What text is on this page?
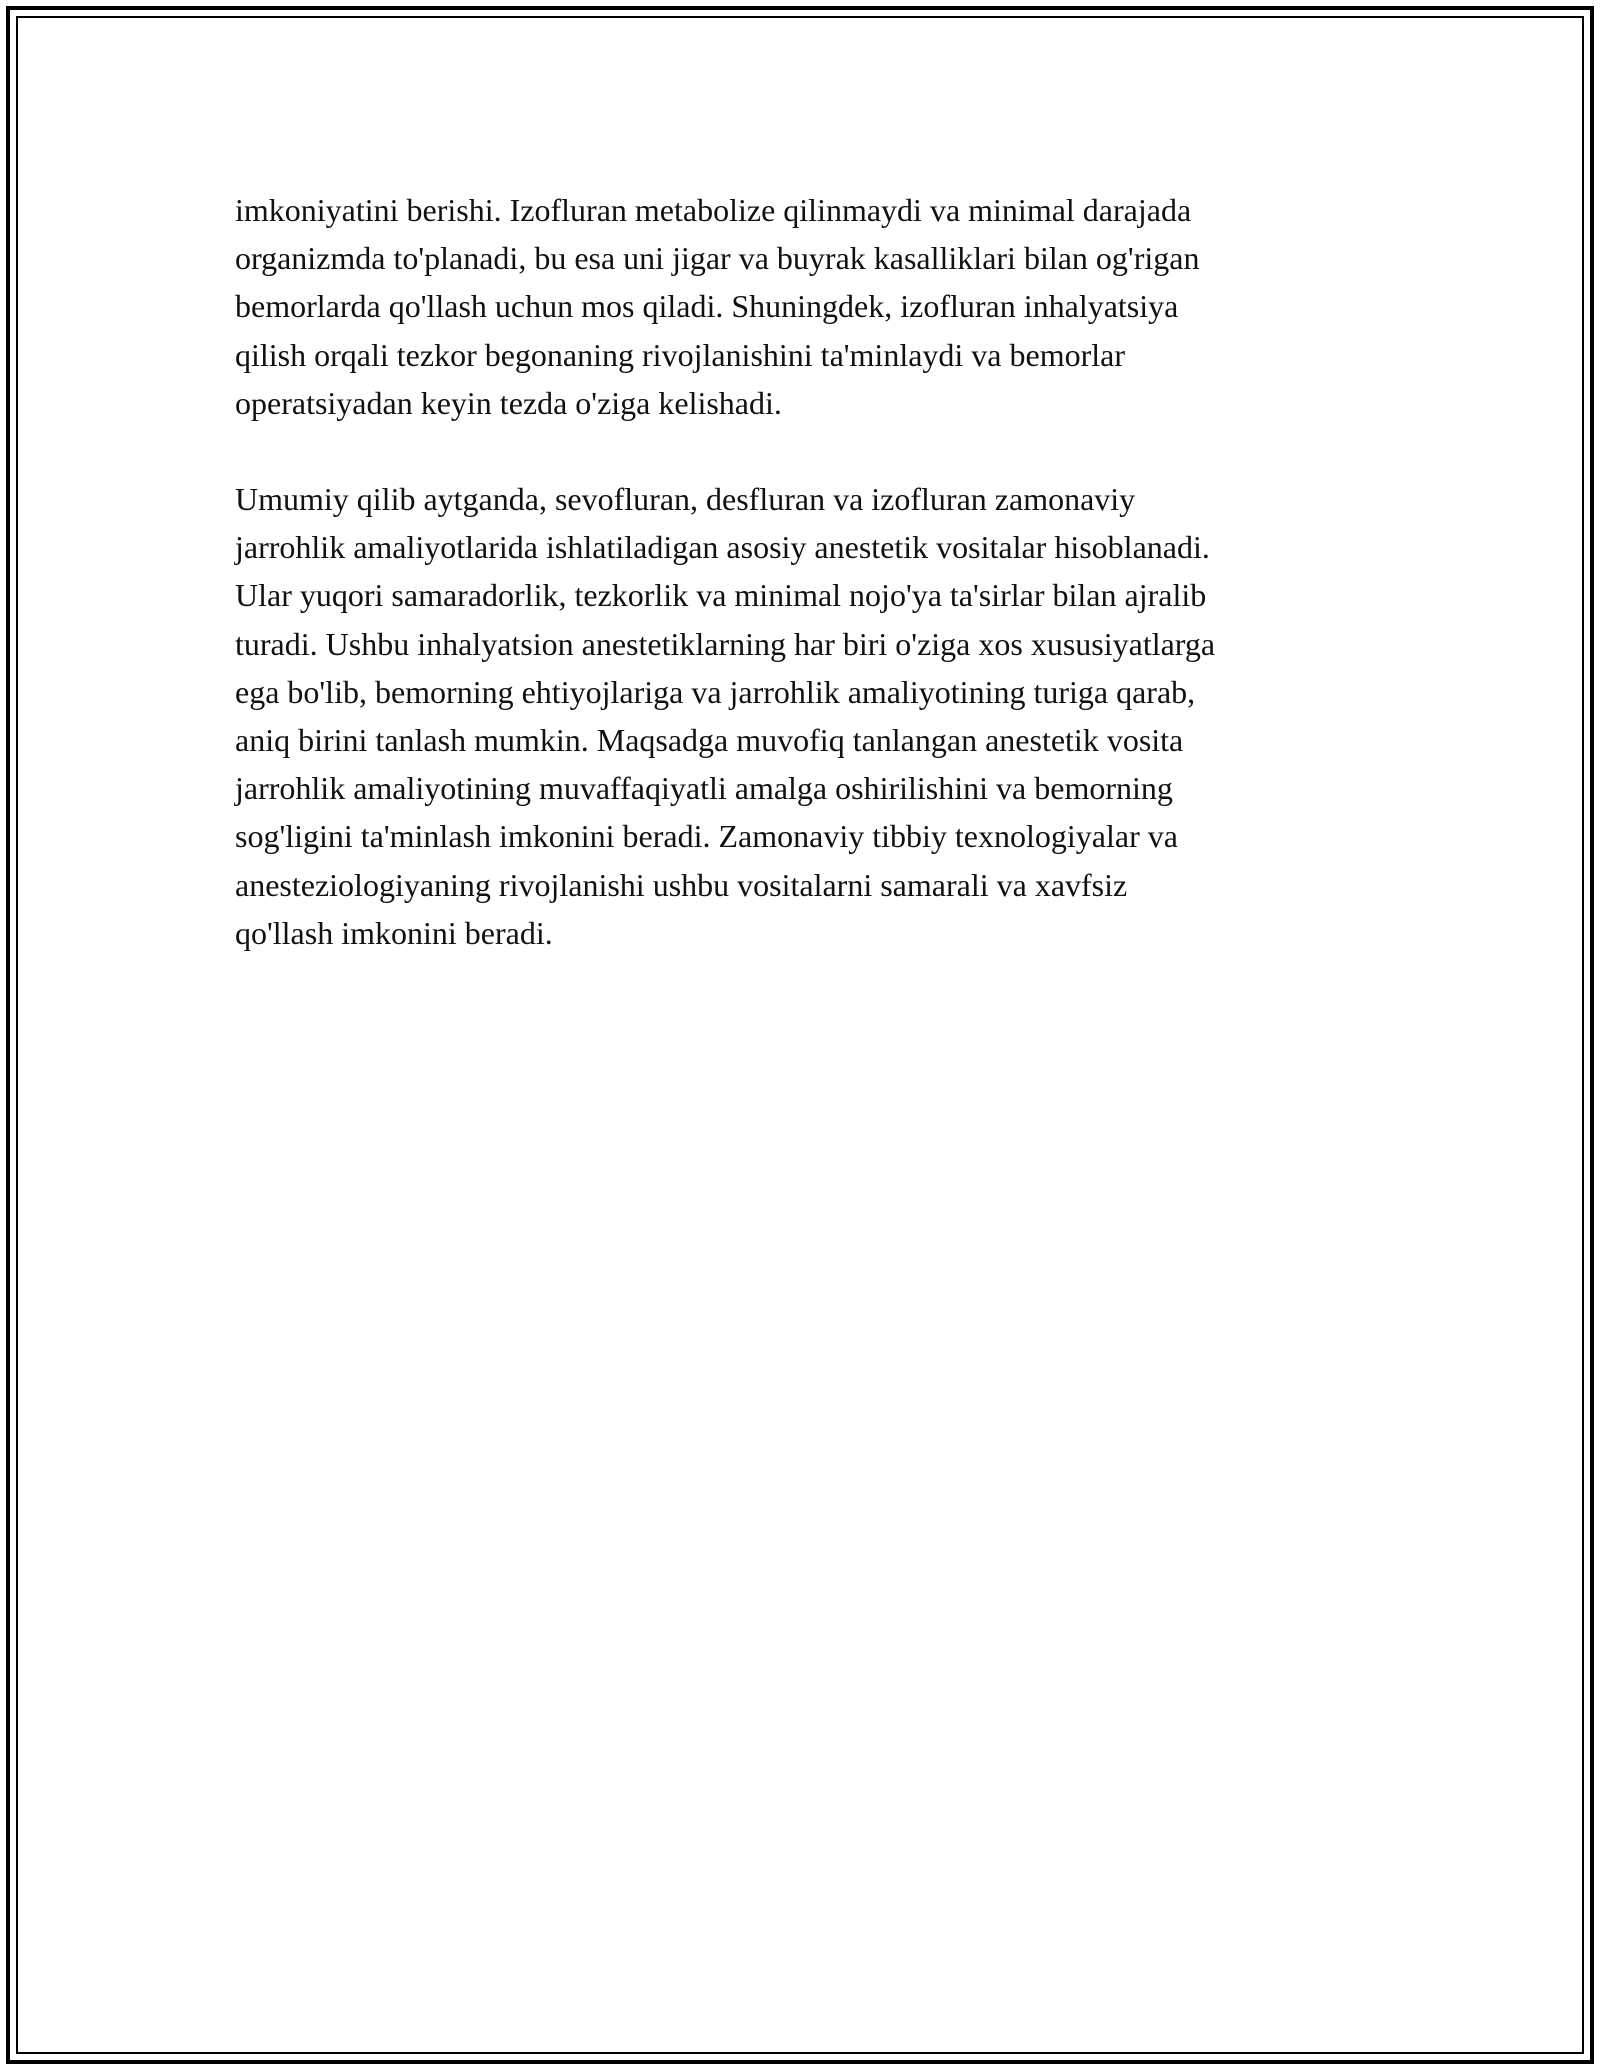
imkoniyatini berishi. Izofluran metabolize qilinmaydi va minimal darajada
organizmda to'planadi, bu esa uni jigar va buyrak kasalliklari bilan og'rigan
bemorlarda qo'llash uchun mos qiladi. Shuningdek, izofluran inhalyatsiya
qilish orqali tezkor begonaning rivojlanishini ta'minlaydi va bemorlar
operatsiyadan keyin tezda o'ziga kelishadi.

Umumiy qilib aytganda, sevofluran, desfluran va izofluran zamonaviy
jarrohlik amaliyotlarida ishlatiladigan asosiy anestetik vositalar hisoblanadi.
Ular yuqori samaradorlik, tezkorlik va minimal nojo'ya ta'sirlar bilan ajralib
turadi. Ushbu inhalyatsion anestetiklarning har biri o'ziga xos xususiyatlarga
ega bo'lib, bemorning ehtiyojlariga va jarrohlik amaliyotining turiga qarab,
aniq birini tanlash mumkin. Maqsadga muvofiq tanlangan anestetik vosita
jarrohlik amaliyotining muvaffaqiyatli amalga oshirilishini va bemorning
sog'ligini ta'minlash imkonini beradi. Zamonaviy tibbiy texnologiyalar va
anesteziologiyaning rivojlanishi ushbu vositalarni samarali va xavfsiz
qo'llash imkonini beradi.
